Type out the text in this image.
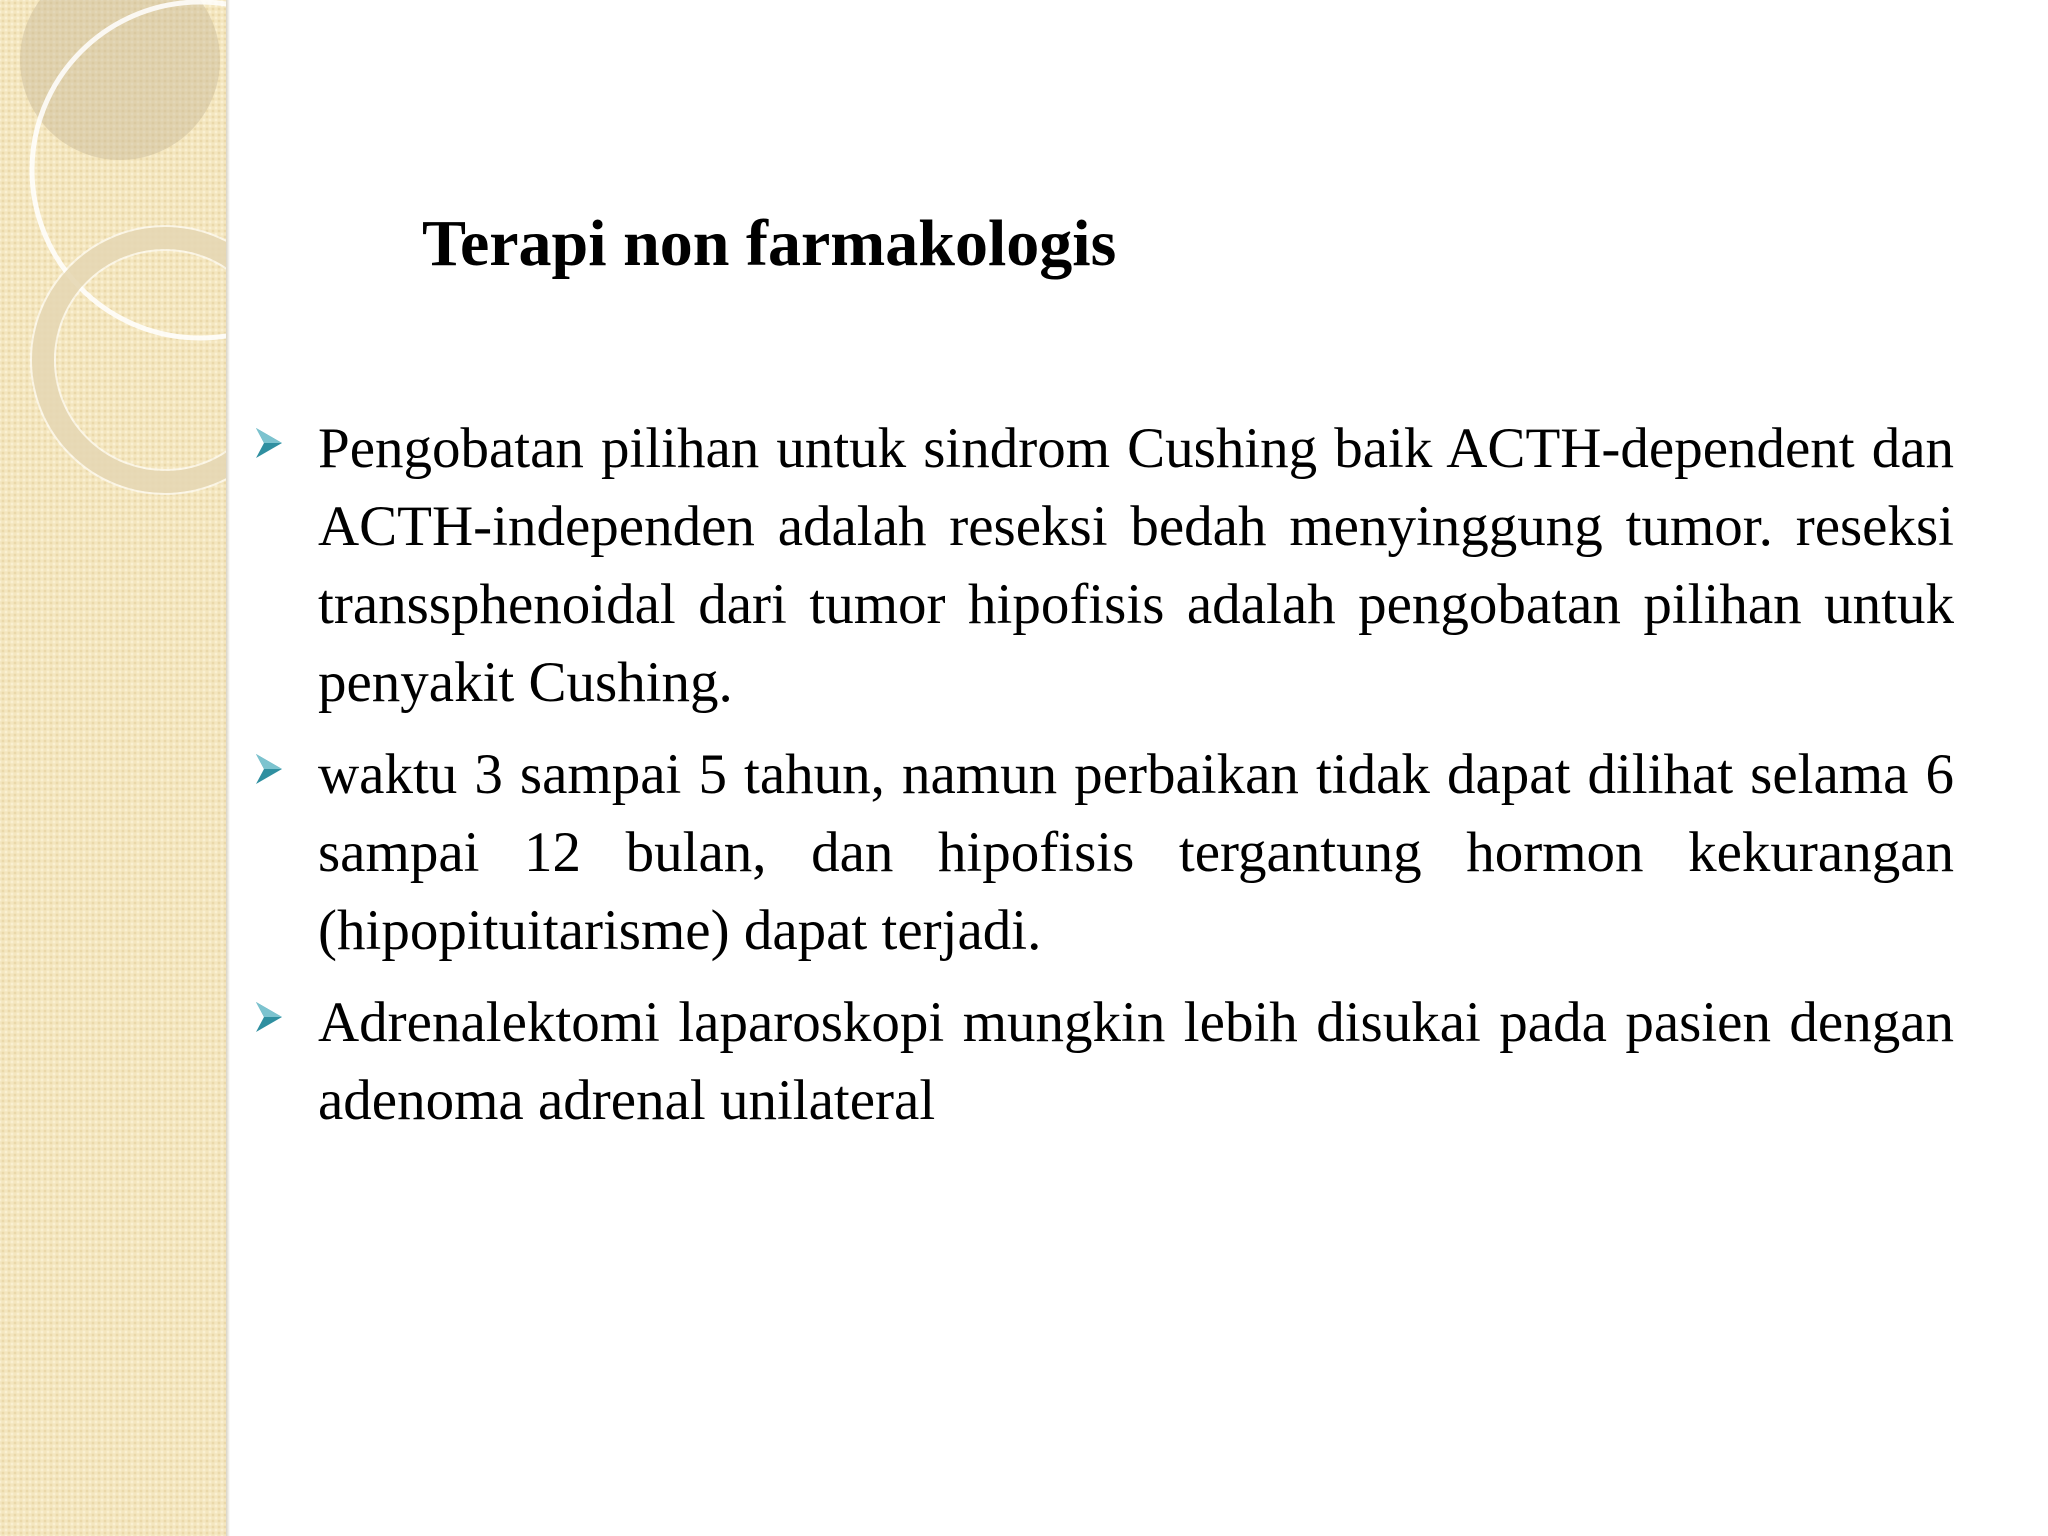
Terapi non farmakologis
Pengobatan pilihan untuk sindrom Cushing baik ACTH-dependent dan ACTH-independen adalah reseksi bedah menyinggung tumor. reseksi transsphenoidal dari tumor hipofisis adalah pengobatan pilihan untuk penyakit Cushing.
waktu 3 sampai 5 tahun, namun perbaikan tidak dapat dilihat selama 6 sampai 12 bulan, dan hipofisis tergantung hormon kekurangan (hipopituitarisme) dapat terjadi.
Adrenalektomi laparoskopi mungkin lebih disukai pada pasien dengan adenoma adrenal unilateral
